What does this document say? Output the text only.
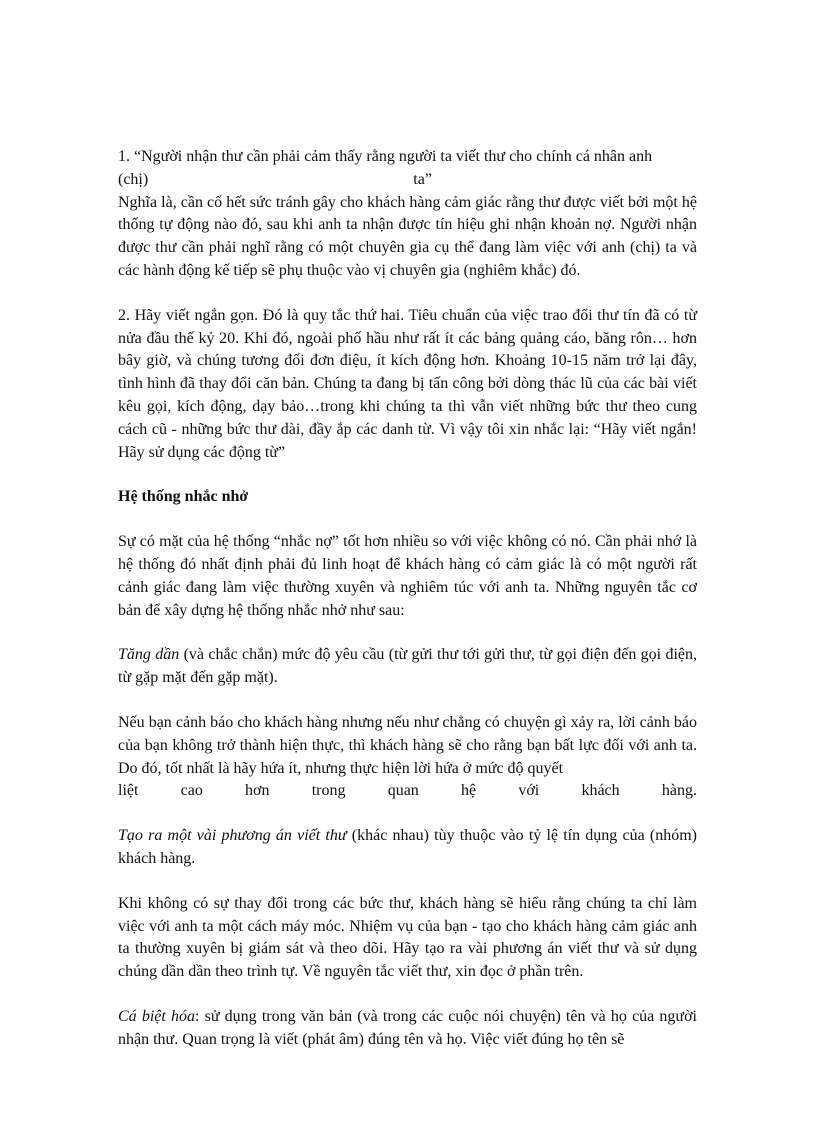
1. “Người nhận thư cần phải cảm thấy rằng người ta viết thư cho chính cá nhân anh

(chị)	ta”

Nghĩa là, cần cố hết sức tránh gây cho khách hàng cảm giác rằng thư được viết bởi một hệ thống tự động nào đó, sau khi anh ta nhận được tín hiệu ghi nhận khoản nợ. Người nhận được thư cần phải nghĩ rằng có một chuyên gia cụ thể đang làm việc với anh (chị) ta và các hành động kế tiếp sẽ phụ thuộc vào vị chuyên gia (nghiêm khắc) đó.

2. Hãy viết ngắn gọn. Đó là quy tắc thứ hai. Tiêu chuẩn của việc trao đổi thư tín đã có từ nửa đầu thế kỷ 20. Khi đó, ngoài phố hầu như rất ít các bảng quảng cáo, băng rôn… hơn bây giờ, và chúng tương đối đơn điệu, ít kích động hơn. Khoảng 10-15 năm trở lại đây, tình hình đã thay đổi căn bản. Chúng ta đang bị tấn công bởi dòng thác lũ của các bài viết kêu gọi, kích động, dạy bảo…trong khi chúng ta thì vẫn viết những bức thư theo cung cách cũ - những bức thư dài, đầy ắp các danh từ. Vì vậy tôi xin nhắc lại: “Hãy viết ngắn! Hãy sử dụng các động từ”

Hệ thống nhắc nhở

Sự có mặt của hệ thống “nhắc nợ” tốt hơn nhiều so với việc không có nó. Cần phải nhớ là hệ thống đó nhất định phải đủ linh hoạt để khách hàng có cảm giác là có một người rất cảnh giác đang làm việc thường xuyên và nghiêm túc với anh ta. Những nguyên tắc cơ bản để xây dựng hệ thống nhắc nhở như sau:

Tăng dần (và chắc chắn) mức độ yêu cầu (từ gửi thư tới gửi thư, từ gọi điện đến gọi điện, từ gặp mặt đến gặp mặt).

Nếu bạn cảnh báo cho khách hàng nhưng nếu như chẳng có chuyện gì xảy ra, lời cảnh báo của bạn không trở thành hiện thực, thì khách hàng sẽ cho rằng bạn bất lực đối với anh ta. Do đó, tốt nhất là hãy hứa ít, nhưng thực hiện lời hứa ở mức độ quyết

liệt	cao	hơn	trong	quan	hệ	với	khách	hàng.

Tạo ra một vài phương án viết thư (khác nhau) tùy thuộc vào tỷ lệ tín dụng của (nhóm) khách hàng.

Khi không có sự thay đổi trong các bức thư, khách hàng sẽ hiểu rằng chúng ta chỉ làm việc với anh ta một cách máy móc. Nhiệm vụ của bạn - tạo cho khách hàng cảm giác anh ta thường xuyên bị giám sát và theo dõi. Hãy tạo ra vài phương án viết thư và sử dụng chúng dần dần theo trình tự. Về nguyên tắc viết thư, xin đọc ở phần trên.

Cá biệt hóa: sử dụng trong văn bản (và trong các cuộc nói chuyện) tên và họ của người nhận thư. Quan trọng là viết (phát âm) đúng tên và họ. Việc viết đúng họ tên sẽ
